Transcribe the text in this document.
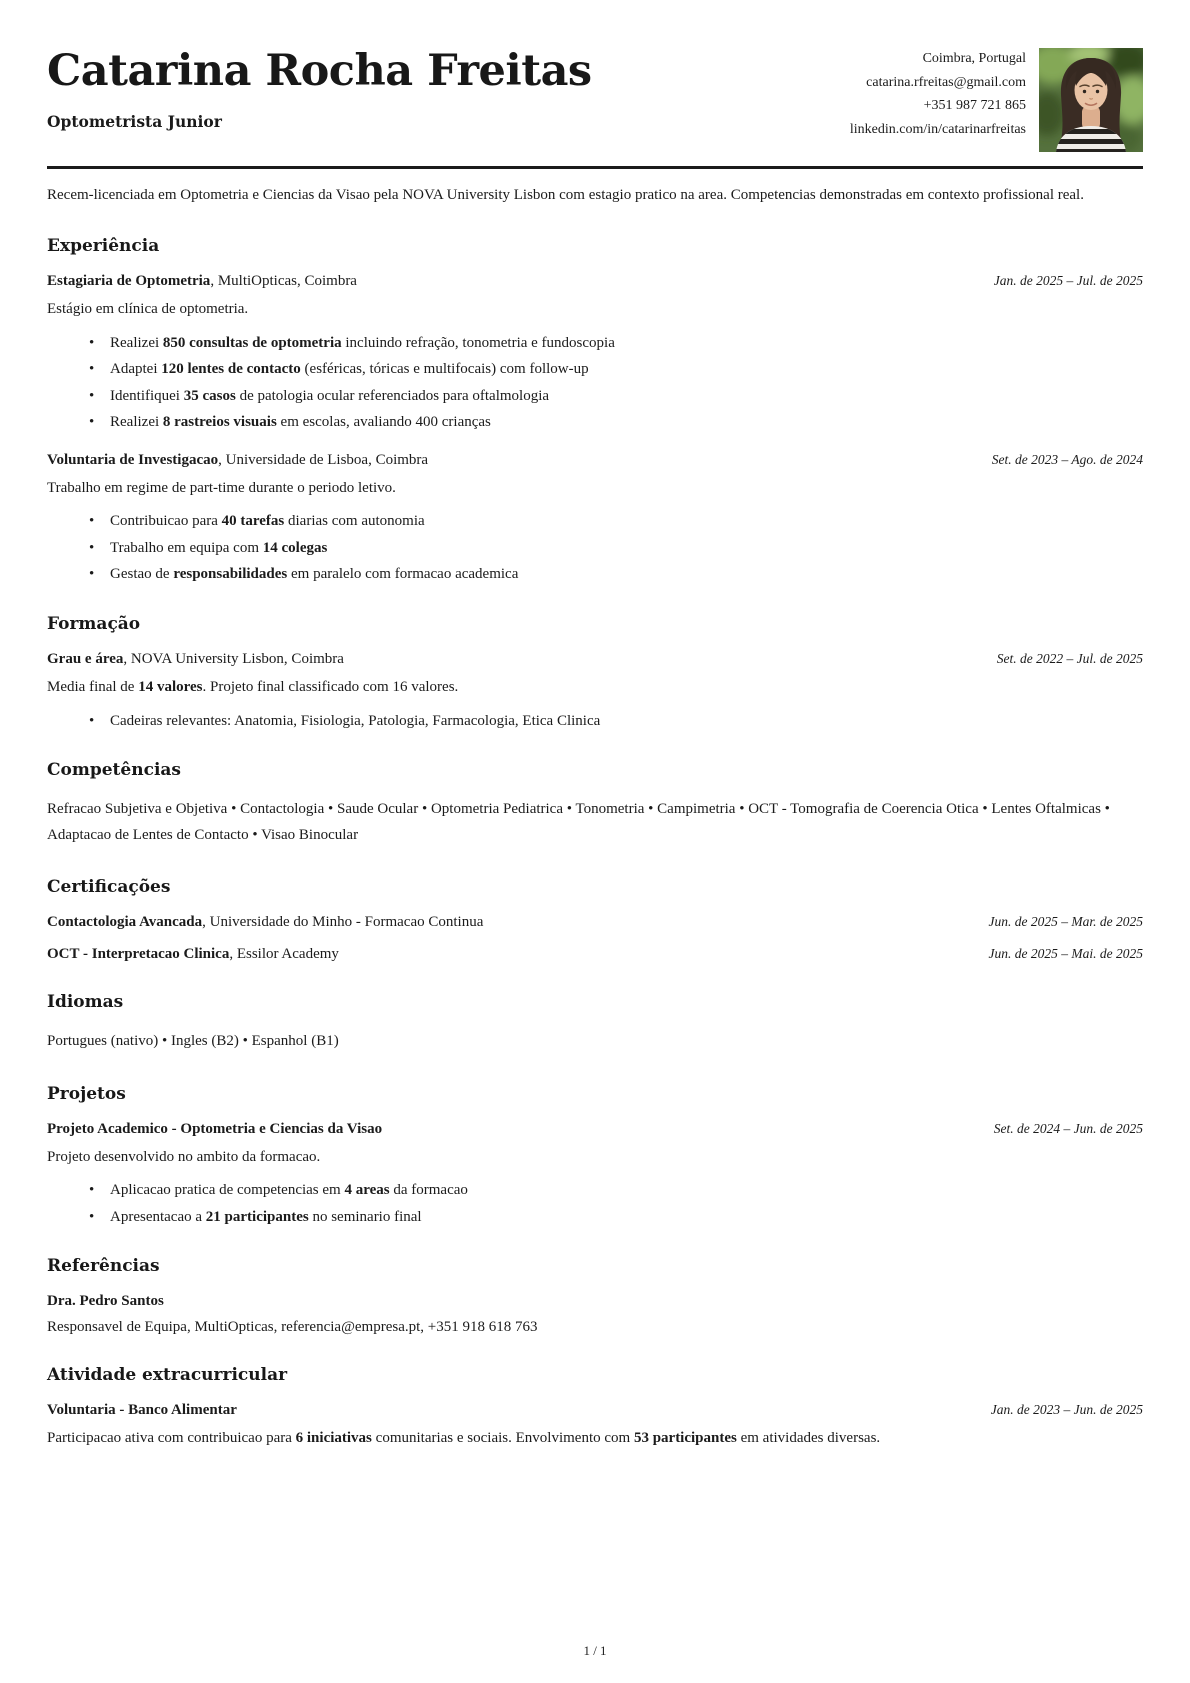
Catarina Rocha Freitas
Optometrista Junior
Coimbra, Portugal
catarina.rfreitas@gmail.com
+351 987 721 865
linkedin.com/in/catarinarfreitas

Recem-licenciada em Optometria e Ciencias da Visao pela NOVA University Lisbon com estagio pratico na area. Competencias demonstradas em contexto profissional real.

Experiência
Estagiaria de Optometria, MultiOpticas, Coimbra	Jan. de 2025 – Jul. de 2025

Estágio em clínica de optometria.

• Realizei 850 consultas de optometria incluindo refração, tonometria e fundoscopia
• Adaptei 120 lentes de contacto (esféricas, tóricas e multifocais) com follow-up
• Identifiquei 35 casos de patologia ocular referenciados para oftalmologia
• Realizei 8 rastreios visuais em escolas, avaliando 400 crianças
Voluntaria de Investigacao, Universidade de Lisboa, Coimbra	Set. de 2023 – Ago. de 2024

Trabalho em regime de part-time durante o periodo letivo.

• Contribuicao para 40 tarefas diarias com autonomia
• Trabalho em equipa com 14 colegas
• Gestao de responsabilidades em paralelo com formacao academica
Formação
Grau e área, NOVA University Lisbon, Coimbra	Set. de 2022 – Jul. de 2025

Media final de 14 valores. Projeto final classificado com 16 valores.

• Cadeiras relevantes: Anatomia, Fisiologia, Patologia, Farmacologia, Etica Clinica
Competências

Refracao Subjetiva e Objetiva • Contactologia • Saude Ocular • Optometria Pediatrica • Tonometria • Campimetria • OCT - Tomografia de Coerencia Otica • Lentes Oftalmicas • Adaptacao de Lentes de Contacto • Visao Binocular

Certificações
Contactologia Avancada, Universidade do Minho - Formacao Continua	Jun. de 2025 – Mar. de 2025
OCT - Interpretacao Clinica, Essilor Academy	Jun. de 2025 – Mai. de 2025
Idiomas

Portugues (nativo) • Ingles (B2) • Espanhol (B1)

Projetos
Projeto Academico - Optometria e Ciencias da Visao	Set. de 2024 – Jun. de 2025

Projeto desenvolvido no ambito da formacao.

• Aplicacao pratica de competencias em 4 areas da formacao
• Apresentacao a 21 participantes no seminario final
Referências
Dra. Pedro Santos
Responsavel de Equipa, MultiOpticas, referencia@empresa.pt, +351 918 618 763
Atividade extracurricular
Voluntaria - Banco Alimentar	Jan. de 2023 – Jun. de 2025

Participacao ativa com contribuicao para 6 iniciativas comunitarias e sociais. Envolvimento com 53 participantes em atividades diversas.

1 / 1
